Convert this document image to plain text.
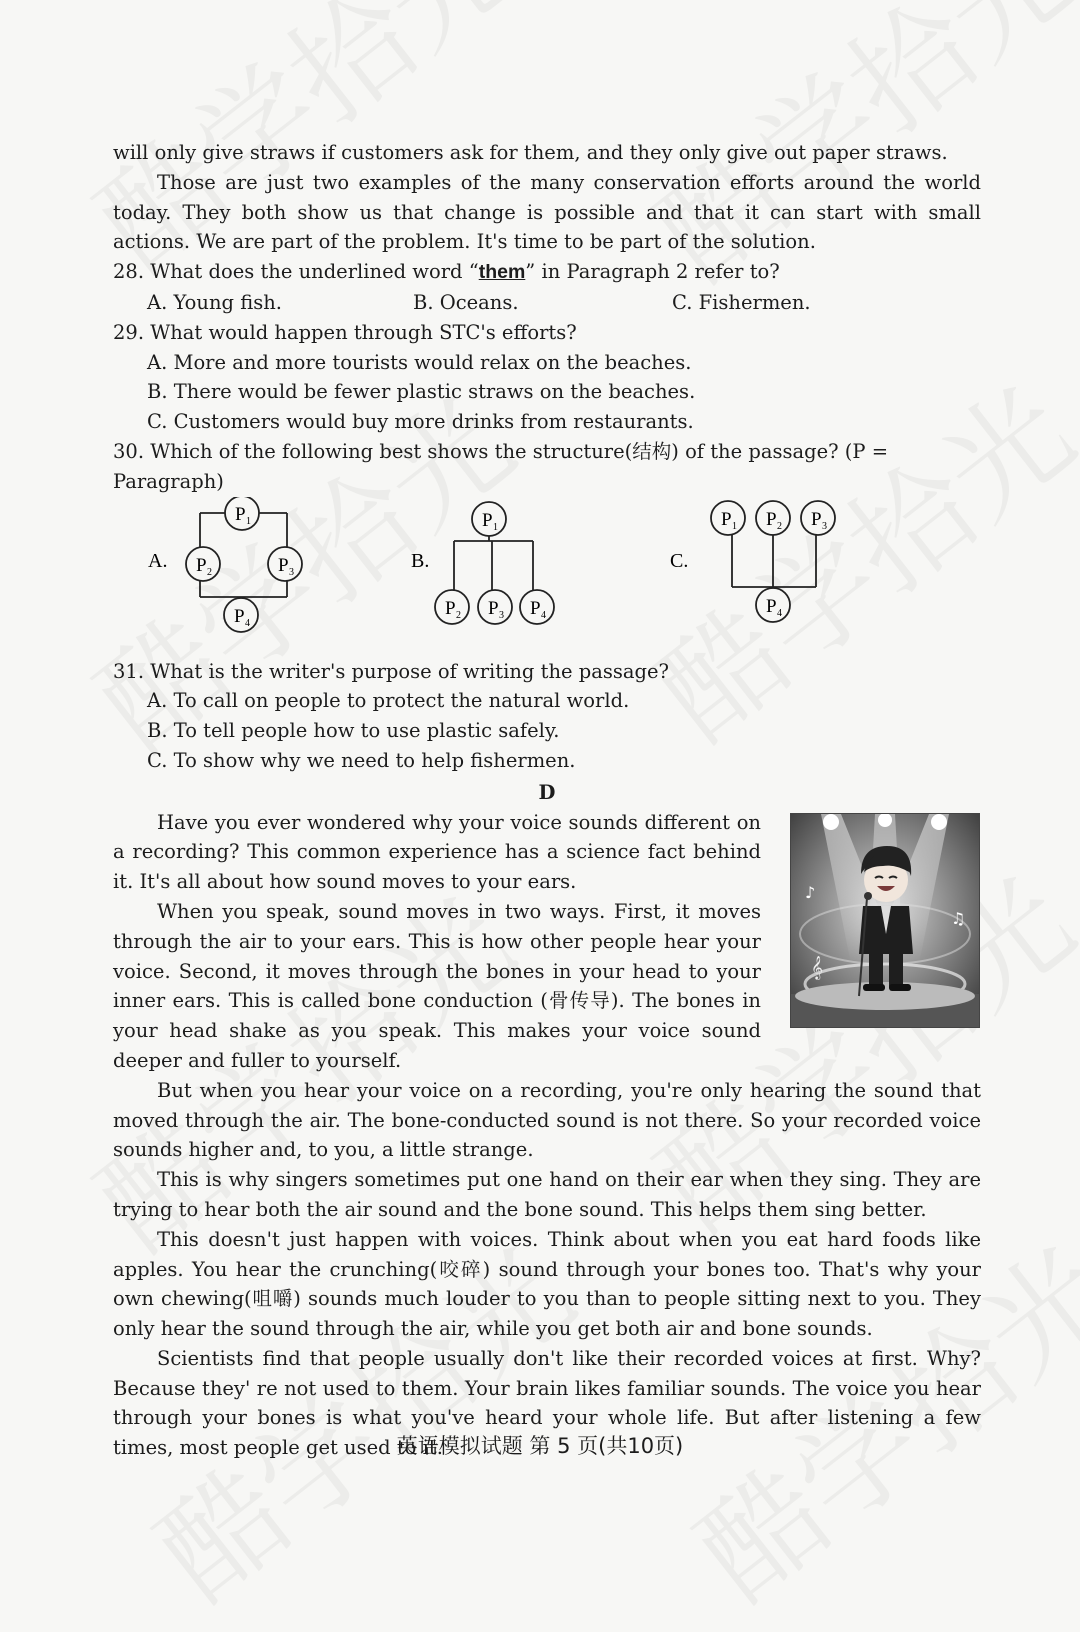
will only give straws if customers ask for them, and they only give out paper straws.

Those are just two examples of the many conservation efforts around the world today. They both show us that change is possible and that it can start with small actions. We are part of the problem. It's time to be part of the solution.

28. What does the underlined word “them” in Paragraph 2 refer to?

A. Young fish.	B. Oceans.	C. Fishermen.

29. What would happen through STC's efforts?

A. More and more tourists would relax on the beaches.

B. There would be fewer plastic straws on the beaches.

C. Customers would buy more drinks from restaurants.

30. Which of the following best shows the structure(结构) of the passage? (P = Paragraph)

A.
P 1
P 2	P 3
P 4
B.
P 1
P 2 P 3 P 4
C.
P 1 P 2 P 3
P 4

31. What is the writer's purpose of writing the passage?

A. To call on people to protect the natural world.

B. To tell people how to use plastic safely.

C. To show why we need to help fishermen.

D
♪
𝄞
♫

Have you ever wondered why your voice sounds different on a recording? This common experience has a science fact behind it. It's all about how sound moves to your ears.

When you speak, sound moves in two ways. First, it moves through the air to your ears. This is how other people hear your voice. Second, it moves through the bones in your head to your inner ears. This is called bone conduction (骨传导). The bones in your head shake as you speak. This makes your voice sound deeper and fuller to yourself.

But when you hear your voice on a recording, you're only hearing the sound that moved through the air. The bone-conducted sound is not there. So your recorded voice sounds higher and, to you, a little strange.

This is why singers sometimes put one hand on their ear when they sing. They are trying to hear both the air sound and the bone sound. This helps them sing better.

This doesn't just happen with voices. Think about when you eat hard foods like apples. You hear the crunching(咬碎) sound through your bones too. That's why your own chewing(咀嚼) sounds much louder to you than to people sitting next to you. They only hear the sound through the air, while you get both air and bone sounds.

Scientists find that people usually don't like their recorded voices at first. Why? Because they' re not used to them. Your brain likes familiar sounds. The voice you hear through your bones is what you've heard your whole life. But after listening a few times, most people get used to it.

英语模拟试题 第 5 页(共10页)
